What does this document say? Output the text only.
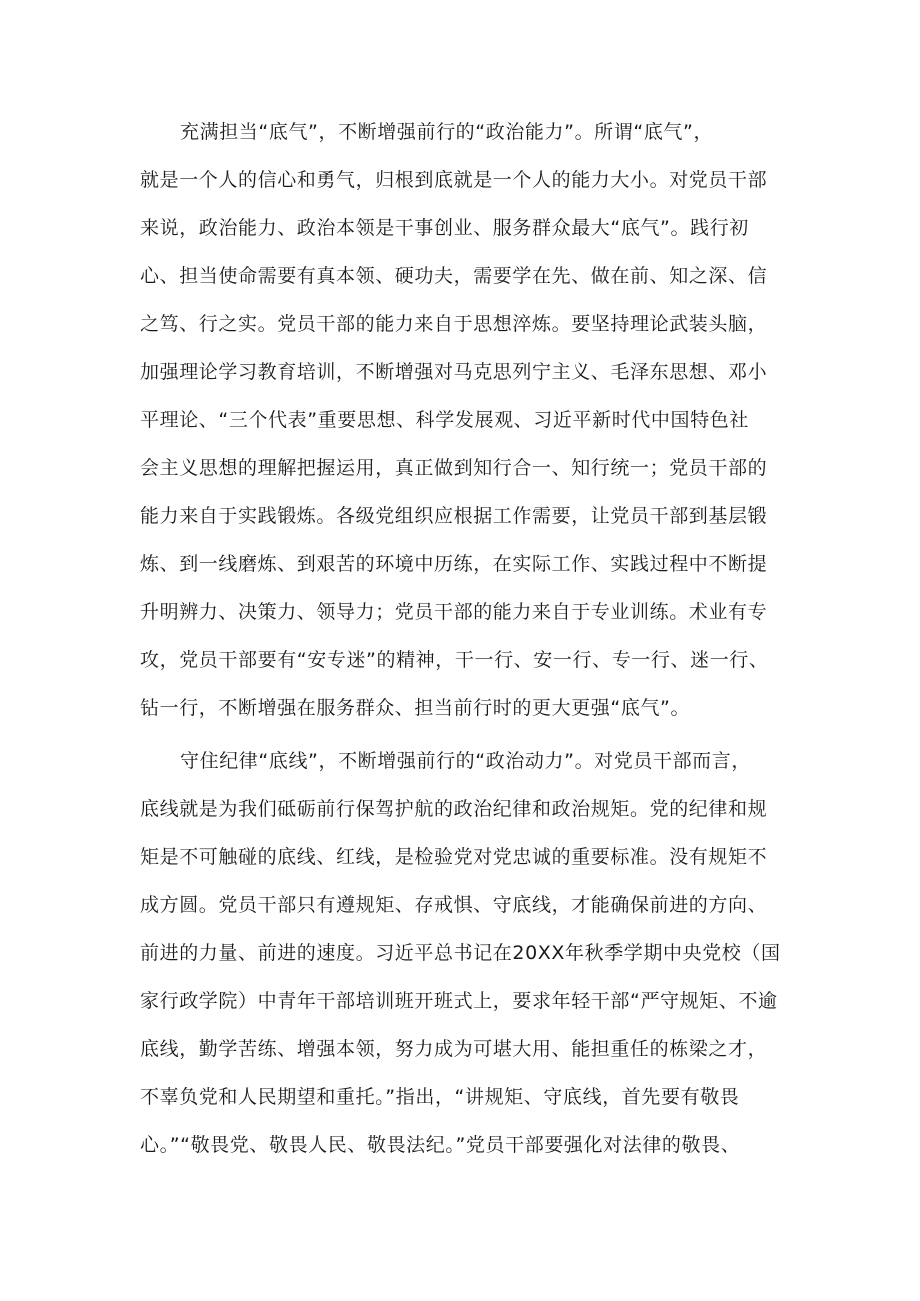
充满担当“底气”，不断增强前行的“政治能力”。所谓“底气”，
就是一个人的信心和勇气，归根到底就是一个人的能力大小。对党员干部
来说，政治能力、政治本领是干事创业、服务群众最大“底气”。践行初
心、担当使命需要有真本领、硬功夫，需要学在先、做在前、知之深、信
之笃、行之实。党员干部的能力来自于思想淬炼。要坚持理论武装头脑，
加强理论学习教育培训，不断增强对马克思列宁主义、毛泽东思想、邓小
平理论、“三个代表”重要思想、科学发展观、习近平新时代中国特色社
会主义思想的理解把握运用，真正做到知行合一、知行统一；党员干部的
能力来自于实践锻炼。各级党组织应根据工作需要，让党员干部到基层锻
炼、到一线磨炼、到艰苦的环境中历练，在实际工作、实践过程中不断提
升明辨力、决策力、领导力；党员干部的能力来自于专业训练。术业有专
攻，党员干部要有“安专迷”的精神，干一行、安一行、专一行、迷一行、
钻一行，不断增强在服务群众、担当前行时的更大更强“底气”。
守住纪律“底线”，不断增强前行的“政治动力”。对党员干部而言，
底线就是为我们砥砺前行保驾护航的政治纪律和政治规矩。党的纪律和规
矩是不可触碰的底线、红线，是检验党对党忠诚的重要标准。没有规矩不
成方圆。党员干部只有遵规矩、存戒惧、守底线，才能确保前进的方向、
前进的力量、前进的速度。习近平总书记在20XX年秋季学期中央党校（国
家行政学院）中青年干部培训班开班式上，要求年轻干部“严守规矩、不逾
底线，勤学苦练、增强本领，努力成为可堪大用、能担重任的栋梁之才，
不辜负党和人民期望和重托。”指出，“讲规矩、守底线，首先要有敬畏
心。”“敬畏党、敬畏人民、敬畏法纪。”党员干部要强化对法律的敬畏、
